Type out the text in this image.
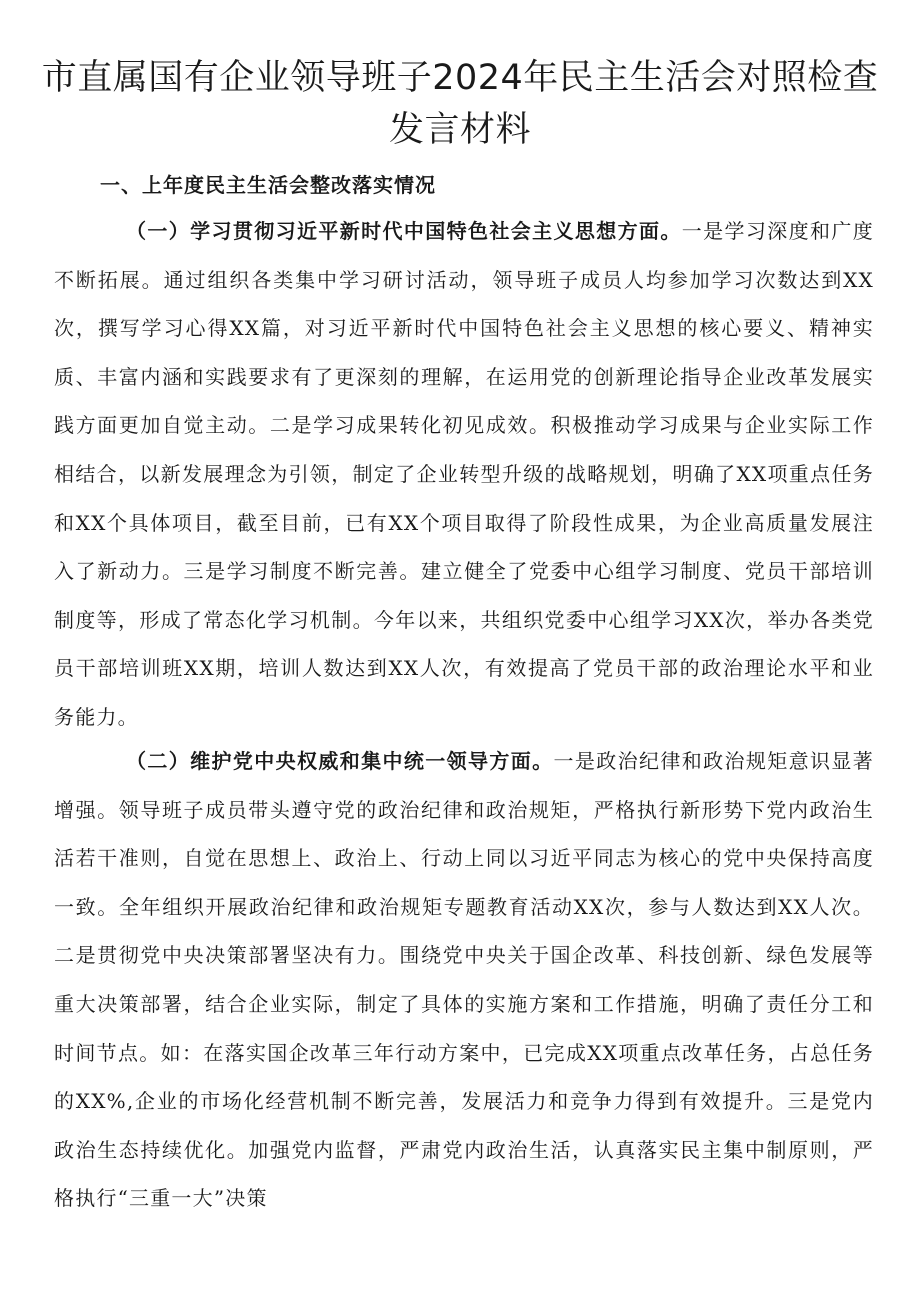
市直属国有企业领导班子2024年民主生活会对照检查
发言材料
一、上年度民主生活会整改落实情况

（一）学习贯彻习近平新时代中国特色社会主义思想方面。一是学习深度和广度不断拓展。通过组织各类集中学习研讨活动，领导班子成员人均参加学习次数达到XX次，撰写学习心得XX篇，对习近平新时代中国特色社会主义思想的核心要义、精神实质、丰富内涵和实践要求有了更深刻的理解，在运用党的创新理论指导企业改革发展实践方面更加自觉主动。二是学习成果转化初见成效。积极推动学习成果与企业实际工作相结合，以新发展理念为引领，制定了企业转型升级的战略规划，明确了XX项重点任务和XX个具体项目，截至目前，已有XX个项目取得了阶段性成果，为企业高质量发展注入了新动力。三是学习制度不断完善。建立健全了党委中心组学习制度、党员干部培训制度等，形成了常态化学习机制。今年以来，共组织党委中心组学习XX次，举办各类党员干部培训班XX期，培训人数达到XX人次，有效提高了党员干部的政治理论水平和业务能力。

（二）维护党中央权威和集中统一领导方面。一是政治纪律和政治规矩意识显著增强。领导班子成员带头遵守党的政治纪律和政治规矩，严格执行新形势下党内政治生活若干准则，自觉在思想上、政治上、行动上同以习近平同志为核心的党中央保持高度一致。全年组织开展政治纪律和政治规矩专题教育活动XX次，参与人数达到XX人次。二是贯彻党中央决策部署坚决有力。围绕党中央关于国企改革、科技创新、绿色发展等重大决策部署，结合企业实际，制定了具体的实施方案和工作措施，明确了责任分工和时间节点。如：在落实国企改革三年行动方案中，已完成XX项重点改革任务，占总任务的XX%,企业的市场化经营机制不断完善，发展活力和竞争力得到有效提升。三是党内政治生态持续优化。加强党内监督，严肃党内政治生活，认真落实民主集中制原则，严格执行“三重一大”决策
